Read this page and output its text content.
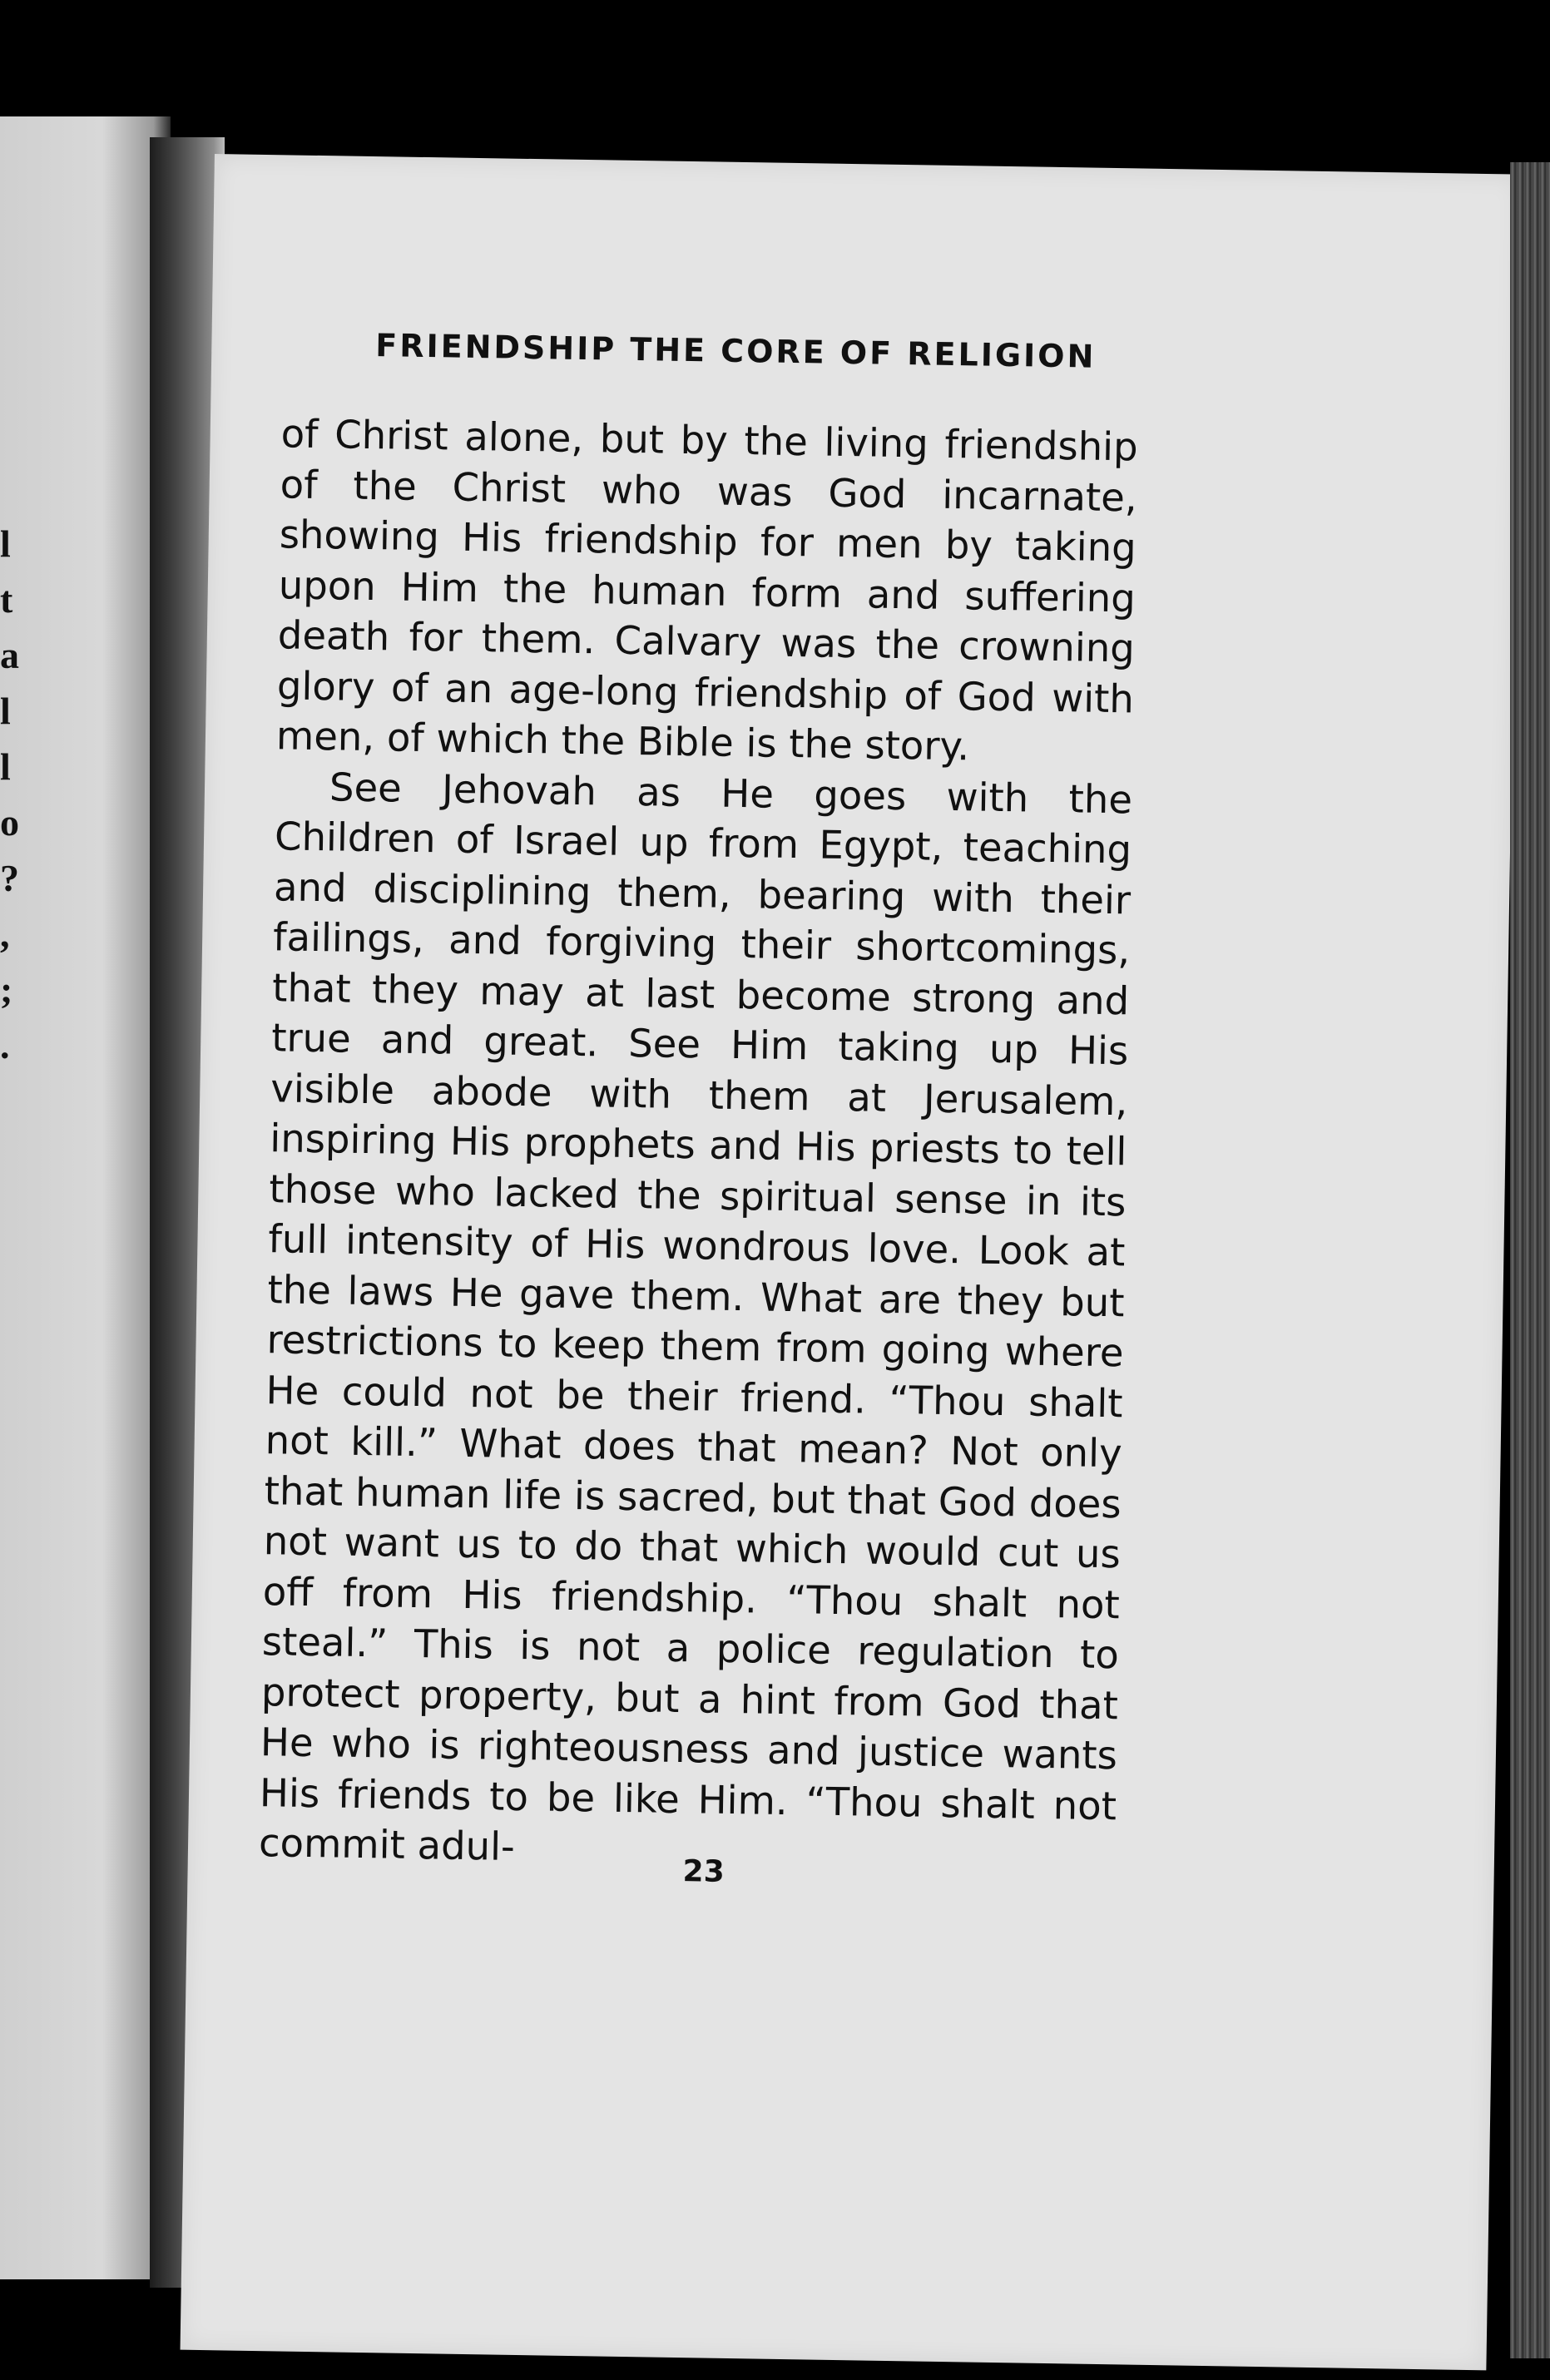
l
t
a
l
l
o
?
,
;
.
FRIENDSHIP THE CORE OF RELIGION

of Christ alone, but by the living friendship of the Christ who was God incarnate, showing His friendship for men by taking upon Him the human form and suffering death for them. Calvary was the crowning glory of an age-long friendship of God with men, of which the Bible is the story.

See Jehovah as He goes with the Children of Israel up from Egypt, teaching and disciplining them, bearing with their failings, and forgiving their shortcomings, that they may at last become strong and true and great. See Him taking up His visible abode with them at Jerusalem, inspiring His prophets and His priests to tell those who lacked the spiritual sense in its full intensity of His wondrous love. Look at the laws He gave them. What are they but restrictions to keep them from going where He could not be their friend. “Thou shalt not kill.” What does that mean? Not only that human life is sacred, but that God does not want us to do that which would cut us off from His friendship. “Thou shalt not steal.” This is not a police regulation to protect property, but a hint from God that He who is righteousness and justice wants His friends to be like Him. “Thou shalt not commit adul-

23
